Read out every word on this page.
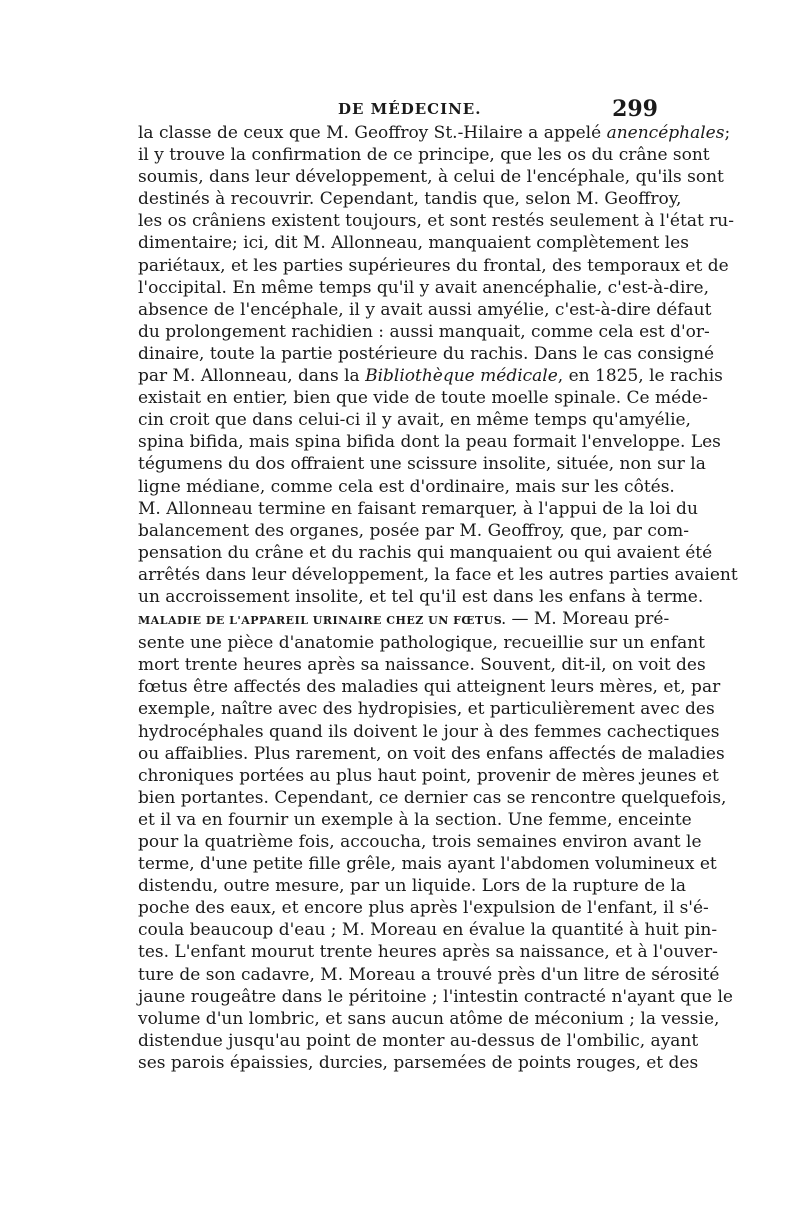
DE MÉDECINE.	299
la classe de ceux que M. Geoffroy St.-Hilaire a appelé anencéphales;
il y trouve la confirmation de ce principe, que les os du crâne sont
soumis, dans leur développement, à celui de l'encéphale, qu'ils sont
destinés à recouvrir. Cependant, tandis que, selon M. Geoffroy,
les os crâniens existent toujours, et sont restés seulement à l'état ru-
dimentaire; ici, dit M. Allonneau, manquaient complètement les
pariétaux, et les parties supérieures du frontal, des temporaux et de
l'occipital. En même temps qu'il y avait anencéphalie, c'est-à-dire,
absence de l'encéphale, il y avait aussi amyélie, c'est-à-dire défaut
du prolongement rachidien : aussi manquait, comme cela est d'or-
dinaire, toute la partie postérieure du rachis. Dans le cas consigné
par M. Allonneau, dans la Bibliothèque médicale, en 1825, le rachis
existait en entier, bien que vide de toute moelle spinale. Ce méde-
cin croit que dans celui-ci il y avait, en même temps qu'amyélie,
spina bifida, mais spina bifida dont la peau formait l'enveloppe. Les
tégumens du dos offraient une scissure insolite, située, non sur la
ligne médiane, comme cela est d'ordinaire, mais sur les côtés.
M. Allonneau termine en faisant remarquer, à l'appui de la loi du
balancement des organes, posée par M. Geoffroy, que, par com-
pensation du crâne et du rachis qui manquaient ou qui avaient été
arrêtés dans leur développement, la face et les autres parties avaient
un accroissement insolite, et tel qu'il est dans les enfans à terme.
MALADIE DE L'APPAREIL URINAIRE CHEZ UN FŒTUS. — M. Moreau pré-
sente une pièce d'anatomie pathologique, recueillie sur un enfant
mort trente heures après sa naissance. Souvent, dit-il, on voit des
fœtus être affectés des maladies qui atteignent leurs mères, et, par
exemple, naître avec des hydropisies, et particulièrement avec des
hydrocéphales quand ils doivent le jour à des femmes cachectiques
ou affaiblies. Plus rarement, on voit des enfans affectés de maladies
chroniques portées au plus haut point, provenir de mères jeunes et
bien portantes. Cependant, ce dernier cas se rencontre quelquefois,
et il va en fournir un exemple à la section. Une femme, enceinte
pour la quatrième fois, accoucha, trois semaines environ avant le
terme, d'une petite fille grêle, mais ayant l'abdomen volumineux et
distendu, outre mesure, par un liquide. Lors de la rupture de la
poche des eaux, et encore plus après l'expulsion de l'enfant, il s'é-
coula beaucoup d'eau ; M. Moreau en évalue la quantité à huit pin-
tes. L'enfant mourut trente heures après sa naissance, et à l'ouver-
ture de son cadavre, M. Moreau a trouvé près d'un litre de sérosité
jaune rougeâtre dans le péritoine ; l'intestin contracté n'ayant que le
volume d'un lombric, et sans aucun atôme de méconium ; la vessie,
distendue jusqu'au point de monter au-dessus de l'ombilic, ayant
ses parois épaissies, durcies, parsemées de points rouges, et des
